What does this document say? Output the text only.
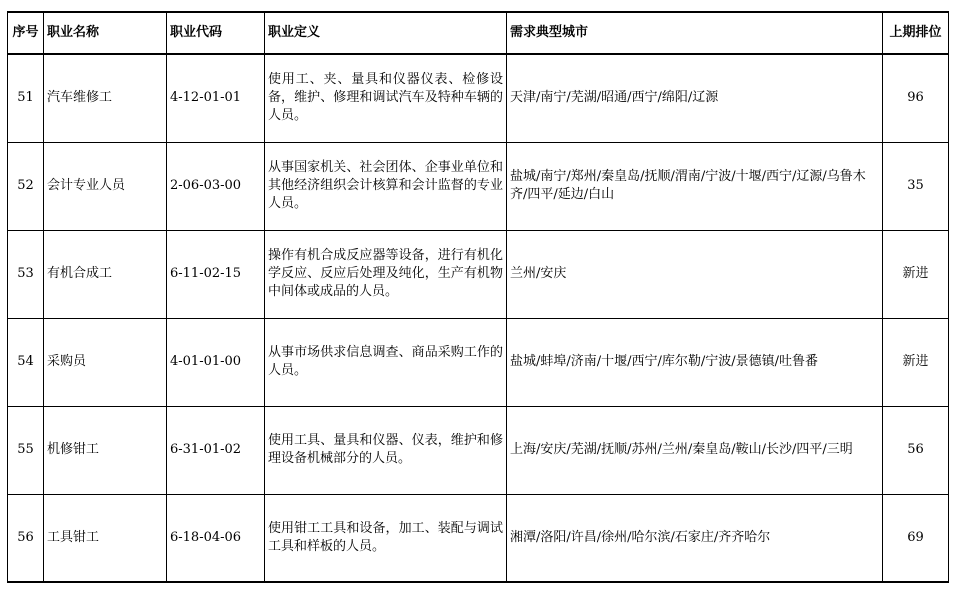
序号	职业名称	职业代码	职业定义	需求典型城市	上期排位
51	汽车维修工	4-12-01-01	使用工、夹、量具和仪器仪表、检修设备，维护、修理和调试汽车及特种车辆的人员。	天津/南宁/芜湖/昭通/西宁/绵阳/辽源	96
52	会计专业人员	2-06-03-00	从事国家机关、社会团体、企事业单位和其他经济组织会计核算和会计监督的专业人员。	盐城/南宁/郑州/秦皇岛/抚顺/渭南/宁波/十堰/西宁/辽源/乌鲁木齐/四平/延边/白山	35
53	有机合成工	6-11-02-15	操作有机合成反应器等设备，进行有机化学反应、反应后处理及纯化，生产有机物中间体或成品的人员。	兰州/安庆	新进
54	采购员	4-01-01-00	从事市场供求信息调查、商品采购工作的人员。	盐城/蚌埠/济南/十堰/西宁/库尔勒/宁波/景德镇/吐鲁番	新进
55	机修钳工	6-31-01-02	使用工具、量具和仪器、仪表，维护和修理设备机械部分的人员。	上海/安庆/芜湖/抚顺/苏州/兰州/秦皇岛/鞍山/长沙/四平/三明	56
56	工具钳工	6-18-04-06	使用钳工工具和设备，加工、装配与调试工具和样板的人员。	湘潭/洛阳/许昌/徐州/哈尔滨/石家庄/齐齐哈尔	69
